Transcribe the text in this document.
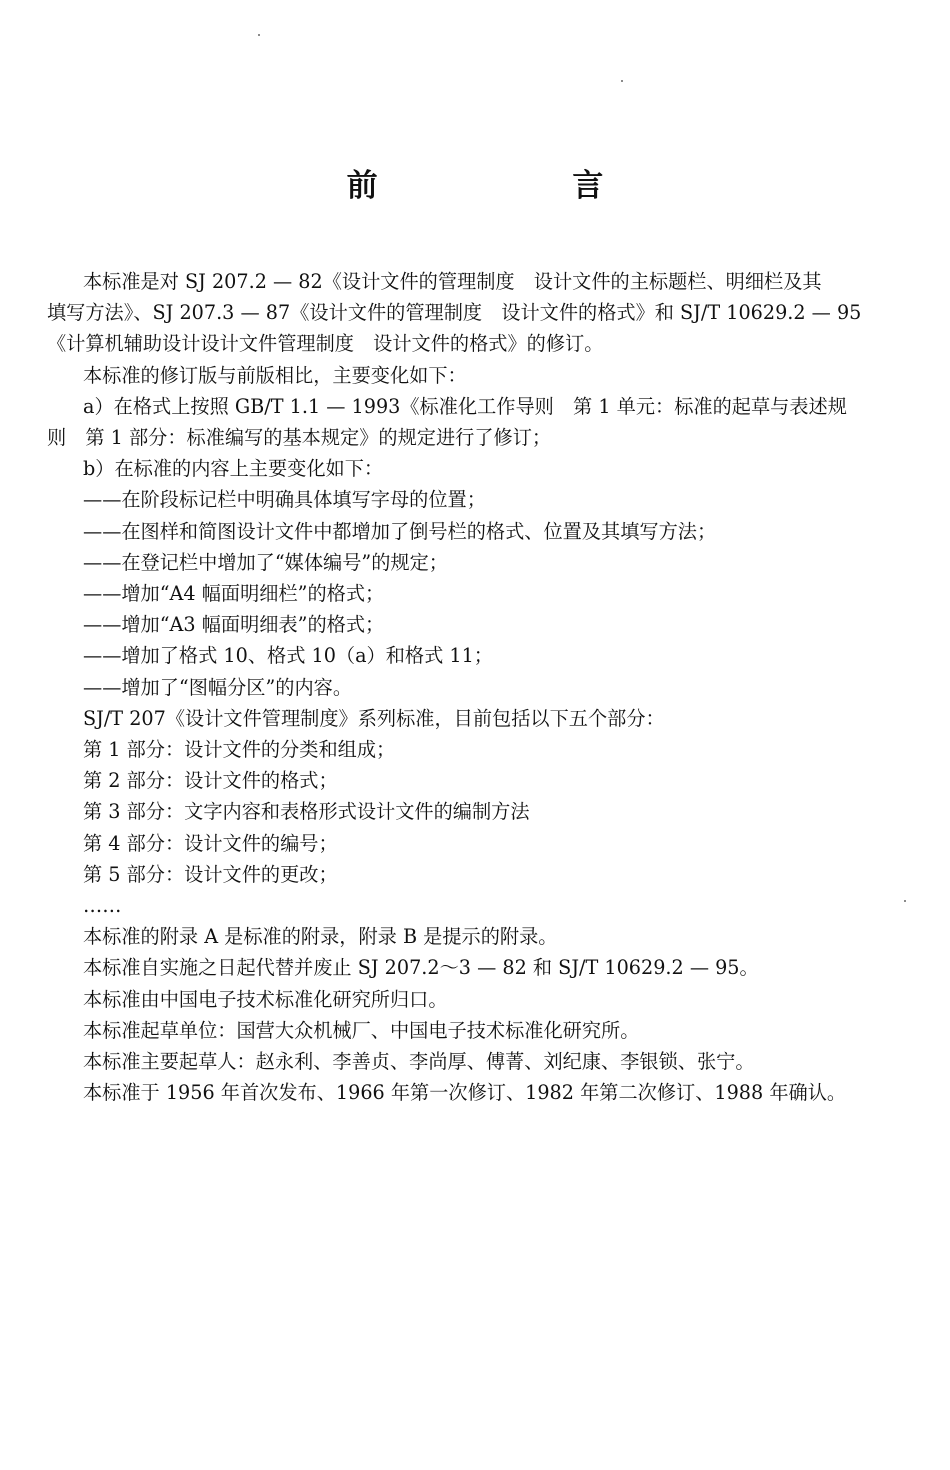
前 言

本标准是对 SJ 207.2 — 82《设计文件的管理制度　设计文件的主标题栏、明细栏及其

填写方法》、SJ 207.3 — 87《设计文件的管理制度　设计文件的格式》和 SJ/T 10629.2 — 95

《计算机辅助设计设计文件管理制度　设计文件的格式》的修订。

本标准的修订版与前版相比，主要变化如下：

a）在格式上按照 GB/T 1.1 — 1993《标准化工作导则　第 1 单元：标准的起草与表述规

则　第 1 部分：标准编写的基本规定》的规定进行了修订；

b）在标准的内容上主要变化如下：

——在阶段标记栏中明确具体填写字母的位置；

——在图样和简图设计文件中都增加了倒号栏的格式、位置及其填写方法；

——在登记栏中增加了“媒体编号”的规定；

——增加“A4 幅面明细栏”的格式；

——增加“A3 幅面明细表”的格式；

——增加了格式 10、格式 10（a）和格式 11；

——增加了“图幅分区”的内容。

SJ/T 207《设计文件管理制度》系列标准，目前包括以下五个部分：

第 1 部分：设计文件的分类和组成；

第 2 部分：设计文件的格式；

第 3 部分：文字内容和表格形式设计文件的编制方法

第 4 部分：设计文件的编号；

第 5 部分：设计文件的更改；

……

本标准的附录 A 是标准的附录，附录 B 是提示的附录。

本标准自实施之日起代替并废止 SJ 207.2～3 — 82 和 SJ/T 10629.2 — 95。

本标准由中国电子技术标准化研究所归口。

本标准起草单位：国营大众机械厂、中国电子技术标准化研究所。

本标准主要起草人：赵永利、李善贞、李尚厚、傅菁、刘纪康、李银锁、张宁。

本标准于 1956 年首次发布、1966 年第一次修订、1982 年第二次修订、1988 年确认。
